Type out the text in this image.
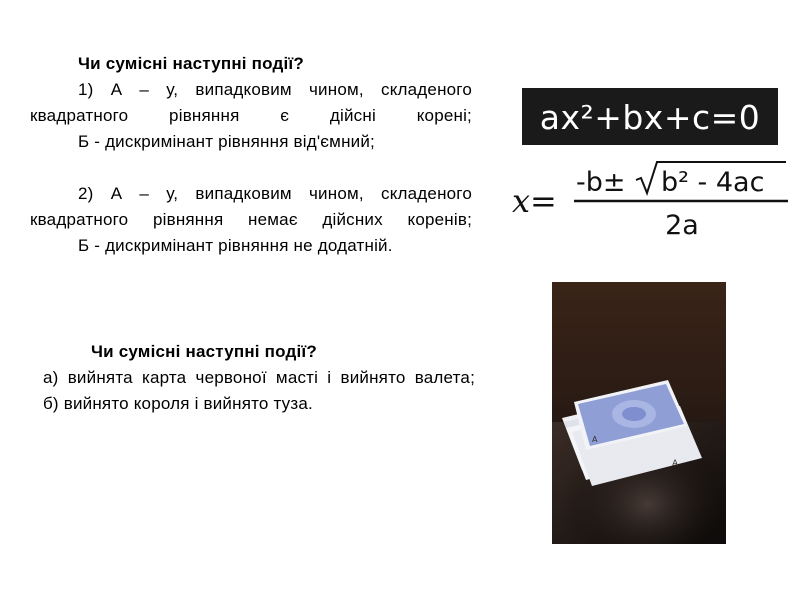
Чи сумісні наступні події?
1) А – у, випадковим чином, складеного квадратного рівняння є дійсні корені;
Б - дискримінант рівняння від'ємний;
2) А – у, випадковим чином, складеного квадратного рівняння немає дійсних коренів;
Б - дискримінант рівняння не додатній.
Чи сумісні наступні події?
а) вийнята карта червоної масті і вийнято валета;
б) вийнято короля і вийнято туза.
ax²+bx+c=0
x= -b± b² - 4ac
2a
A
A
